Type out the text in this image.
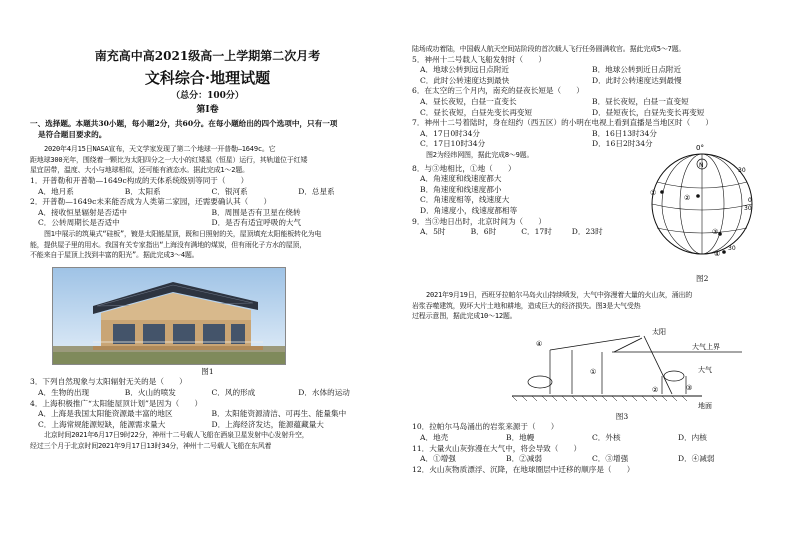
南充高中高2021级高一上学期第二次月考
文科综合·地理试题
（总分：100分）
第Ⅰ卷
一、选择题。本题共30小题，每小题2分，共60分。在每小题给出的四个选项中，只有一项
是符合题目要求的。
2020年4月15日NASA宣布，天文学家发现了第二个地球一开普勒—1649c。它
距地球300光年，围绕着一颗比为太阳四分之一大小的红矮星（恒星）运行，其轨道位于红矮
星宜居带，温度、大小与地球相似，还可能有液态水。据此完成1～2题。
1．开普勒和开普勒—1649c构成的天体系统级别等同于（　　）
A．地月系	B．太阳系	C．银河系	D．总星系
2．开普勒—1649c未来能否成为人类第二家园，还需要确认其（　　）
A．接收恒星辐射是否适中	B．周围是否有卫星在绕转
C．公转周期长是否适中	D．是否有适宜呼吸的大气
图1中展示的筑巢式“硅板”，镀是太阳能屋顶，既和日照射的关，屋顶填充太阳能板转化为电
能，提供屋子里的用水。我国有关专家指出“上海没有满地的煤炭，但有雨化子方水的屋顶，
不能来自于屋顶上找到丰富的阳光”。据此完成3～4题。
图1
3．下列自然现象与太阳辐射无关的是（　　）
A．生物的出现	B．火山的喷发	C．风的形成	D．水体的运动
4．上海积极推广“太阳能屋顶计划”是因为（　　）
A．上海是我国太阳能资源最丰富的地区	B．太阳能资源清洁、可再生、能量集中
C．上海常规能源短缺，能源需求量大	D．上海经济发达，能源蕴藏量大
北京时间2021年6月17日9时22分，神州十二号载人飞船在酒泉卫星发射中心发射升空，
经过三个月于北京时间2021年9月17日13时34分，神州十二号载人飞船在东风着
陆场成功着陆，中国载人航天空间站阶段的首次载人飞行任务圆满收官。据此完成5～7题。
5．神州十二号载人飞船发射时（　　）
A．地球公转到远日点附近	B．地球公转到近日点附近
C．此时公转速度达到最快	D．此时公转速度达到最慢
6．在太空的三个月内，南充的昼夜长短是（　　）
A．昼长夜短，白昼一直变长	B．昼长夜短，白昼一直变短
C．昼长夜短，白昼先变长再变短	D．昼短夜长，白昼先变长再变短
7．神州十二号着陆时，身在纽约（西五区）的小明在电视上看到直播是当地区时（　　）
A．17日0时34分	B．16日13时34分
C．17日10时34分	D．16日2时34分
图2为经纬网图，据此完成8～9题。
8．与③地相比，①地（　　）
A．角速度和线速度都大
B．角速度和线速度都小
C．角速度相等，线速度大
D．角速度小，线速度都相等
9．当③地日出时，北京时间为（　　）
A．5时	B．6时	C．17时	D．23时
0°
N
30
30
0
30
①
②
③
④
图2
2021年9月19日，西班牙拉帕尔马岛火山持续喷发，大气中弥漫着大量的火山灰，涌出的
岩浆吞噬建筑，毁坏大片土地和耕地，造成巨大的经济损失。图3是大气受热
过程示意图，据此完成10～12题。
太阳
大气上界
大气
地面
④
①
②	③
图3
10．拉帕尔马岛涌出的岩浆来源于（　　）
A．地壳	B．地幔	C．外核	D．内核
11．大量火山灰弥漫在大气中，将会导致（　　）
A．①增强	B．②减弱	C．③增强	D．④减弱
12．火山灰物质漂浮、沉降，在地球圈层中迁移的顺序是（　　）
